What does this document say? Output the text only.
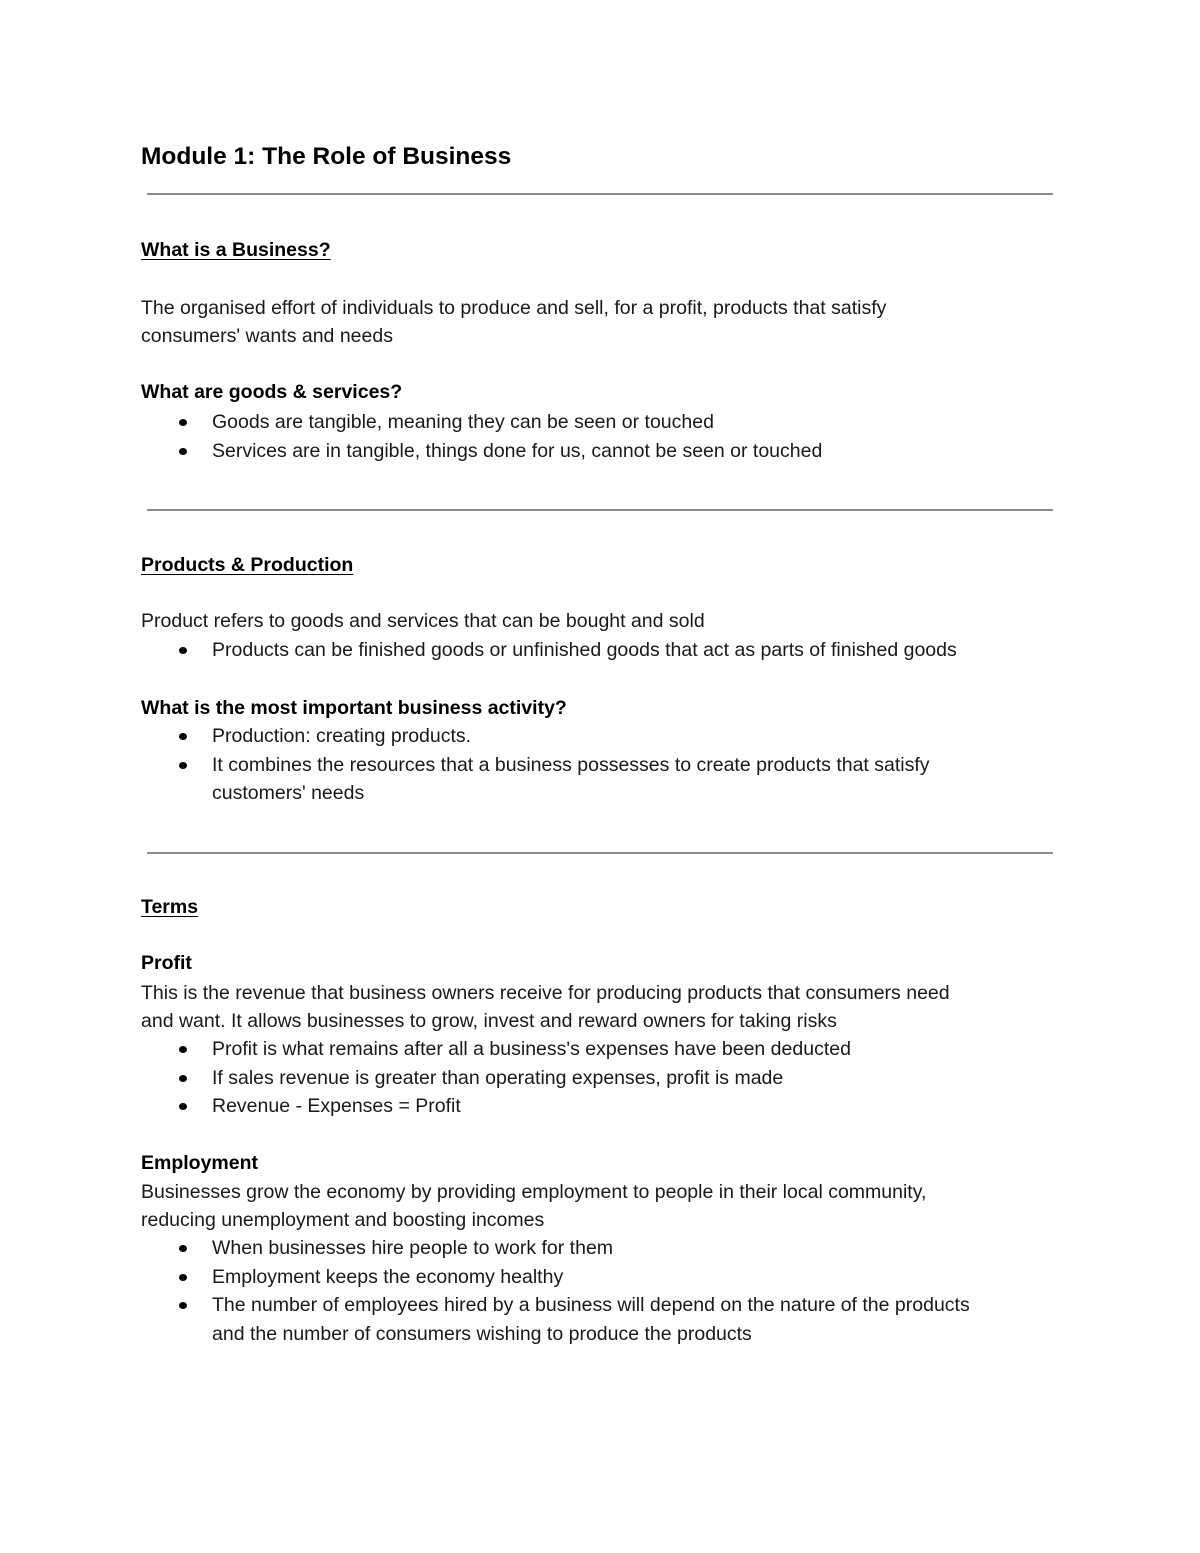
Module 1: The Role of Business
What is a Business?
The organised effort of individuals to produce and sell, for a profit, products that satisfy
consumers' wants and needs
What are goods & services?
Goods are tangible, meaning they can be seen or touched
Services are in tangible, things done for us, cannot be seen or touched
Products & Production
Product refers to goods and services that can be bought and sold
Products can be finished goods or unfinished goods that act as parts of finished goods
What is the most important business activity?
Production: creating products.
It combines the resources that a business possesses to create products that satisfy
customers' needs
Terms
Profit
This is the revenue that business owners receive for producing products that consumers need
and want. It allows businesses to grow, invest and reward owners for taking risks
Profit is what remains after all a business's expenses have been deducted
If sales revenue is greater than operating expenses, profit is made
Revenue - Expenses = Profit
Employment
Businesses grow the economy by providing employment to people in their local community,
reducing unemployment and boosting incomes
When businesses hire people to work for them
Employment keeps the economy healthy
The number of employees hired by a business will depend on the nature of the products
and the number of consumers wishing to produce the products
